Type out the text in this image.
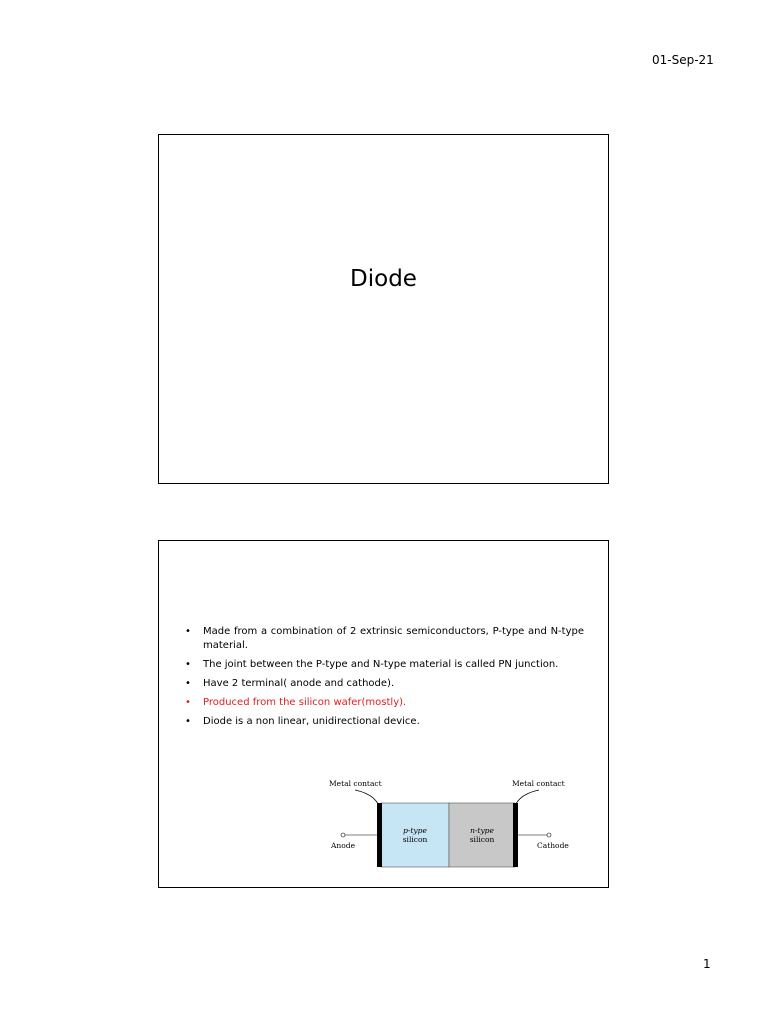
01-Sep-21
Diode
• Made from a combination of 2 extrinsic semiconductors, P-type and N-type material.
• The joint between the P-type and N-type material is called PN junction.
• Have 2 terminal( anode and cathode).
• Produced from the silicon wafer(mostly).
• Diode is a non linear, unidirectional device.
Metal contact	Metal contact
p-type
silicon
n-type
silicon
Anode	Cathode
1
